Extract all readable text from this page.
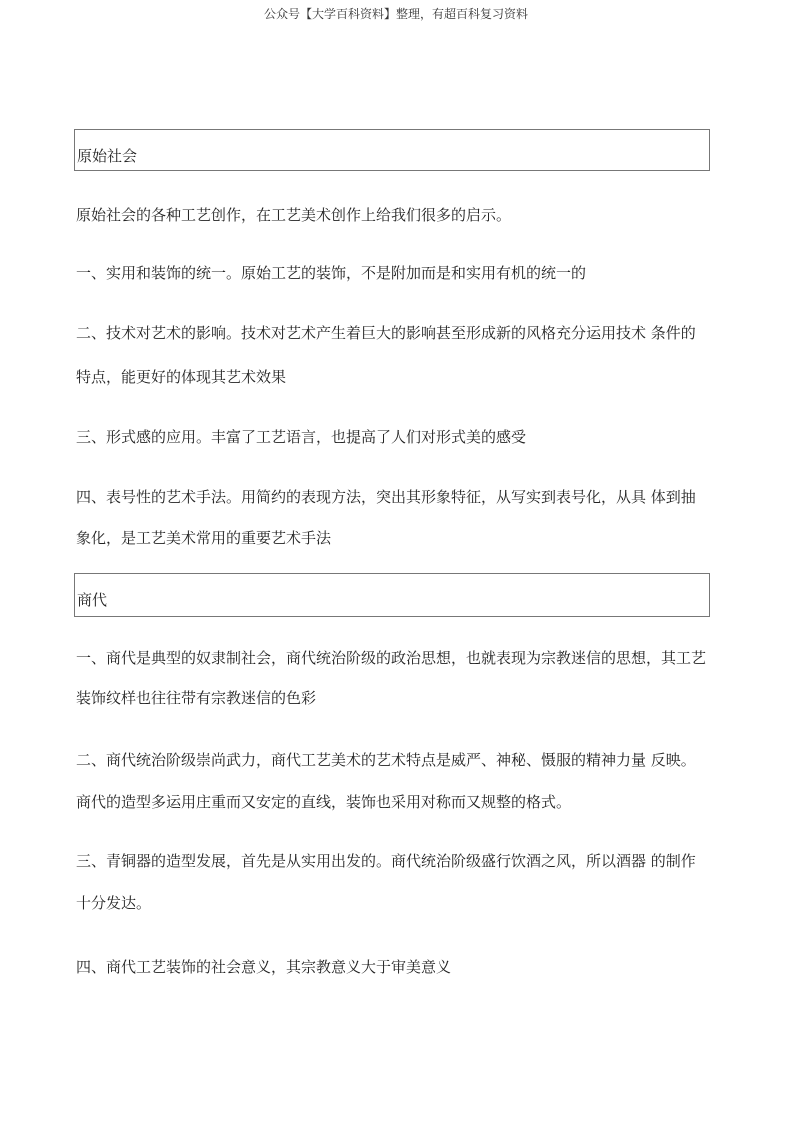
公众号【大学百科资料】整理，有超百科复习资料
原始社会
原始社会的各种工艺创作，在工艺美术创作上给我们很多的启示。
一、实用和装饰的统一。原始工艺的装饰，不是附加而是和实用有机的统一的
二、技术对艺术的影响。技术对艺术产生着巨大的影响甚至形成新的风格充分运用技术 条件的
特点，能更好的体现其艺术效果
三、形式感的应用。丰富了工艺语言，也提高了人们对形式美的感受
四、表号性的艺术手法。用简约的表现方法，突出其形象特征，从写实到表号化，从具 体到抽
象化，是工艺美术常用的重要艺术手法
商代
一、商代是典型的奴隶制社会，商代统治阶级的政治思想，也就表现为宗教迷信的思想，其工艺
装饰纹样也往往带有宗教迷信的色彩
二、商代统治阶级崇尚武力，商代工艺美术的艺术特点是威严、神秘、慑服的精神力量 反映。
商代的造型多运用庄重而又安定的直线，装饰也采用对称而又规整的格式。
三、青铜器的造型发展，首先是从实用出发的。商代统治阶级盛行饮酒之风，所以酒器 的制作
十分发达。
四、商代工艺装饰的社会意义，其宗教意义大于审美意义
